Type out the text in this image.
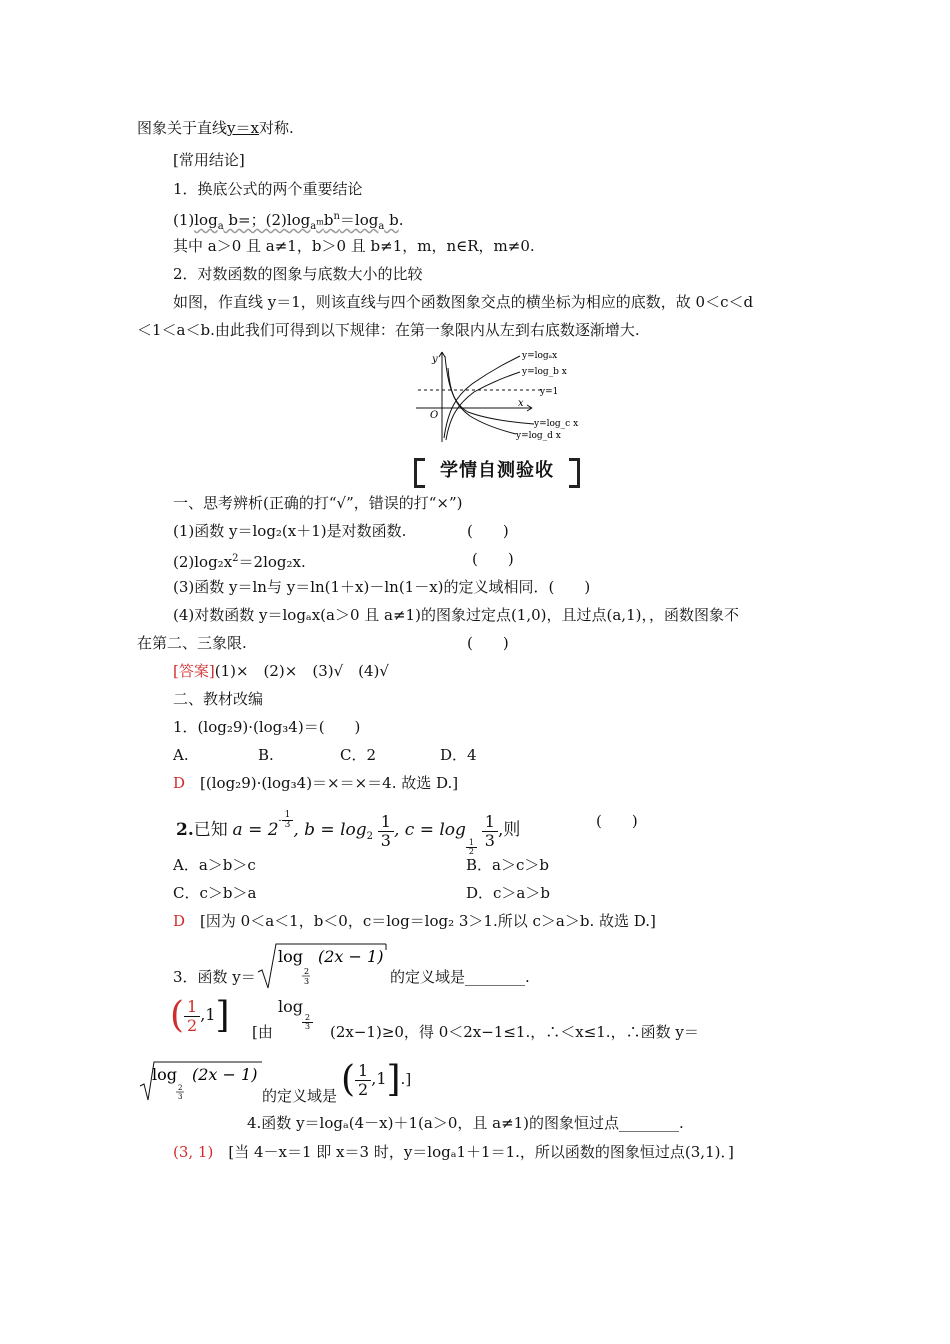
图象关于直线y＝x对称.
[常用结论]
1．换底公式的两个重要结论
$(1)\log_a$ b=；$(2)\log_{a^m}b^n=\log_a$ b.
其中 a＞0 且 a≠1，b＞0 且 b≠1，m，n∈R，m≠0.
2．对数函数的图象与底数大小的比较
如图，作直线 y＝1，则该直线与四个函数图象交点的横坐标为相应的底数，故 0＜c＜d
＜1＜a＜b.由此我们可得到以下规律：在第一象限内从左到右底数逐渐增大.
y
x
O
y=1
y=logₐx
y=log_b x
y=log_c x
y=log_d x
学情自测验收
一、思考辨析(正确的打“√”，错误的打“×”)
(1)函数 y＝log₂(x＋1)是对数函数.	(　　)
$(2)\log_2x^2=2\log_2x$.	(　　)
(3)函数 y＝ln与 y＝ln(1＋x)－ln(1－x)的定义域相同．(　　)
(4)对数函数 y＝logₐx(a＞0 且 a≠1)的图象过定点(1,0)，且过点(a,1)，，函数图象不
在第二、三象限.	(　　)
[答案](1)×　(2)×　(3)√　(4)√
二、教材改编
1．(log₂9)·(log₃4)＝(　　)
A.	B.	C．2	D．4
D　 [(log₂9)·(log₃4)＝×＝×＝4. 故选 D.]
2.已知 $a = 2^{- \frac{1}{3}}$ , $b = \log_2 \frac{1}{3}$ , c = log
$_{\frac{1}{2}}$
$\frac{1}{3}$ ,则	(　　)
A．a＞b＞c	B．a＞c＞b
C．c＞b＞a	D．c＞a＞b
D　 [因为 0＜a＜1，b＜0，c＝log＝log₂ 3＞1.所以 c＞a＞b. 故选 D.]
3．函数 y＝
log
2
3
(2x − 1)
的定义域是________.
( $\frac{1}{2} ,1$]	log
$\frac{2}{3}$
[由	(2x−1)≥0，得 0＜2x−1≤1.，∴＜x≤1.，∴函数 y＝
log
2
3
(2x − 1)
的定义域是 ( $\frac{1}{2} ,1$].]
4.函数 y＝logₐ(4－x)＋1(a＞0，且 a≠1)的图象恒过点________.
(3, 1)　 [当 4－x＝1 即 x＝3 时，y＝logₐ1＋1＝1.，所以函数的图象恒过点(3,1)．]
